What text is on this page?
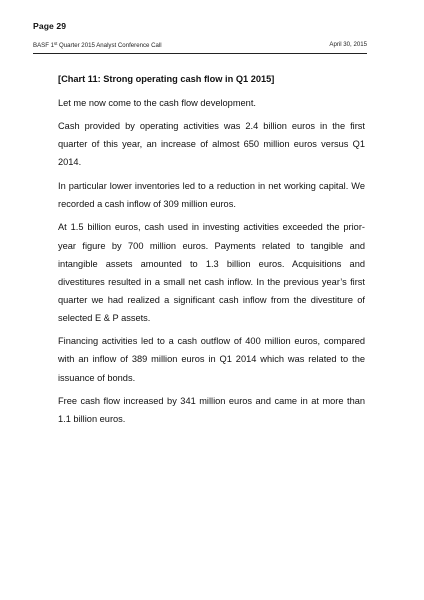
Page 29
BASF 1st Quarter 2015 Analyst Conference Call	April 30, 2015

[Chart 11: Strong operating cash flow in Q1 2015]

Let me now come to the cash flow development.

Cash provided by operating activities was 2.4 billion euros in the first quarter of this year, an increase of almost 650 million euros versus Q1 2014.

In particular lower inventories led to a reduction in net working capital. We recorded a cash inflow of 309 million euros.

At 1.5 billion euros, cash used in investing activities exceeded the prior-year figure by 700 million euros. Payments related to tangible and intangible assets amounted to 1.3 billion euros. Acquisitions and divestitures resulted in a small net cash inflow. In the previous year’s first quarter we had realized a significant cash inflow from the divestiture of selected E & P assets.

Financing activities led to a cash outflow of 400 million euros, compared with an inflow of 389 million euros in Q1 2014 which was related to the issuance of bonds.

Free cash flow increased by 341 million euros and came in at more than 1.1 billion euros.
